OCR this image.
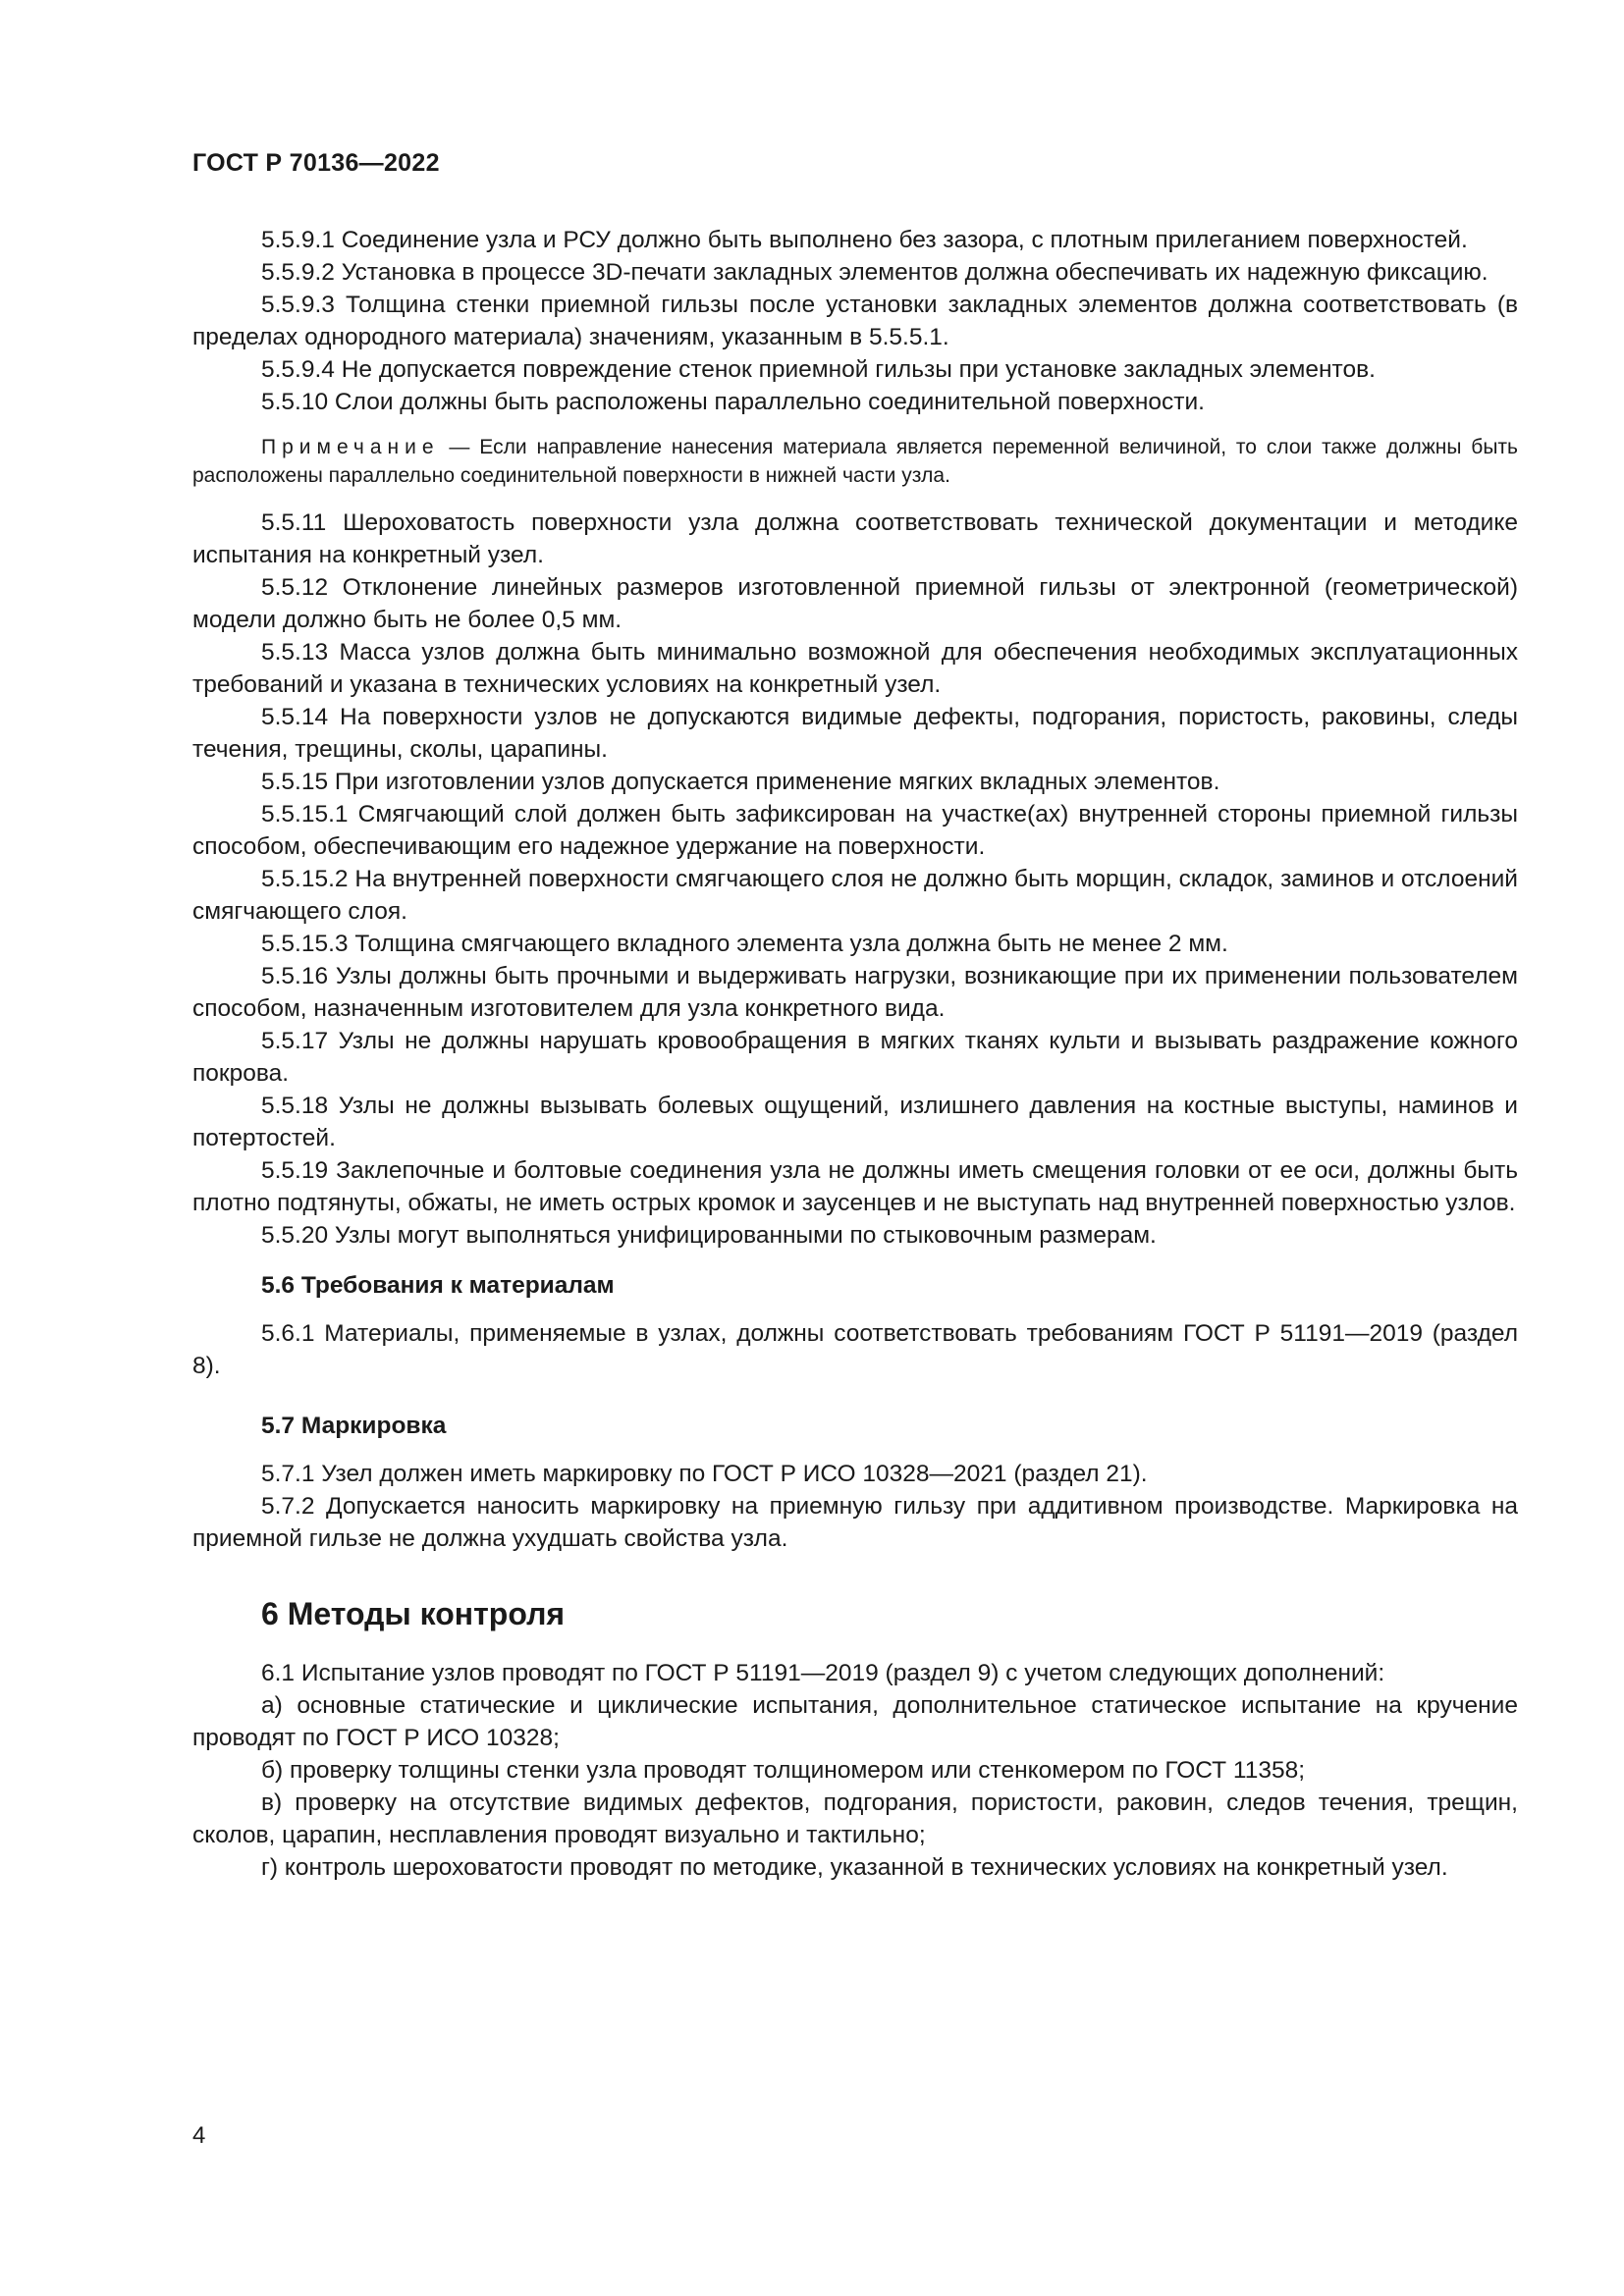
ГОСТ Р 70136—2022

5.5.9.1 Соединение узла и РСУ должно быть выполнено без зазора, с плотным прилеганием поверхностей.

5.5.9.2 Установка в процессе 3D-печати закладных элементов должна обеспечивать их надежную фиксацию.

5.5.9.3 Толщина стенки приемной гильзы после установки закладных элементов должна соответствовать (в пределах однородного материала) значениям, указанным в 5.5.5.1.

5.5.9.4 Не допускается повреждение стенок приемной гильзы при установке закладных элементов.

5.5.10 Слои должны быть расположены параллельно соединительной поверхности.

Примечание — Если направление нанесения материала является переменной величиной, то слои также должны быть расположены параллельно соединительной поверхности в нижней части узла.

5.5.11 Шероховатость поверхности узла должна соответствовать технической документации и методике испытания на конкретный узел.

5.5.12 Отклонение линейных размеров изготовленной приемной гильзы от электронной (геометрической) модели должно быть не более 0,5 мм.

5.5.13 Масса узлов должна быть минимально возможной для обеспечения необходимых эксплуатационных требований и указана в технических условиях на конкретный узел.

5.5.14 На поверхности узлов не допускаются видимые дефекты, подгорания, пористость, раковины, следы течения, трещины, сколы, царапины.

5.5.15 При изготовлении узлов допускается применение мягких вкладных элементов.

5.5.15.1 Смягчающий слой должен быть зафиксирован на участке(ах) внутренней стороны приемной гильзы способом, обеспечивающим его надежное удержание на поверхности.

5.5.15.2 На внутренней поверхности смягчающего слоя не должно быть морщин, складок, заминов и отслоений смягчающего слоя.

5.5.15.3 Толщина смягчающего вкладного элемента узла должна быть не менее 2 мм.

5.5.16 Узлы должны быть прочными и выдерживать нагрузки, возникающие при их применении пользователем способом, назначенным изготовителем для узла конкретного вида.

5.5.17 Узлы не должны нарушать кровообращения в мягких тканях культи и вызывать раздражение кожного покрова.

5.5.18 Узлы не должны вызывать болевых ощущений, излишнего давления на костные выступы, наминов и потертостей.

5.5.19 Заклепочные и болтовые соединения узла не должны иметь смещения головки от ее оси, должны быть плотно подтянуты, обжаты, не иметь острых кромок и заусенцев и не выступать над внутренней поверхностью узлов.

5.5.20 Узлы могут выполняться унифицированными по стыковочным размерам.

5.6 Требования к материалам

5.6.1 Материалы, применяемые в узлах, должны соответствовать требованиям ГОСТ Р 51191—2019 (раздел 8).

5.7 Маркировка

5.7.1 Узел должен иметь маркировку по ГОСТ Р ИСО 10328—2021 (раздел 21).

5.7.2 Допускается наносить маркировку на приемную гильзу при аддитивном производстве. Маркировка на приемной гильзе не должна ухудшать свойства узла.

6 Методы контроля

6.1 Испытание узлов проводят по ГОСТ Р 51191—2019 (раздел 9) с учетом следующих дополнений:

а) основные статические и циклические испытания, дополнительное статическое испытание на кручение проводят по ГОСТ Р ИСО 10328;

б) проверку толщины стенки узла проводят толщиномером или стенкомером по ГОСТ 11358;

в) проверку на отсутствие видимых дефектов, подгорания, пористости, раковин, следов течения, трещин, сколов, царапин, несплавления проводят визуально и тактильно;

г) контроль шероховатости проводят по методике, указанной в технических условиях на конкретный узел.

4
